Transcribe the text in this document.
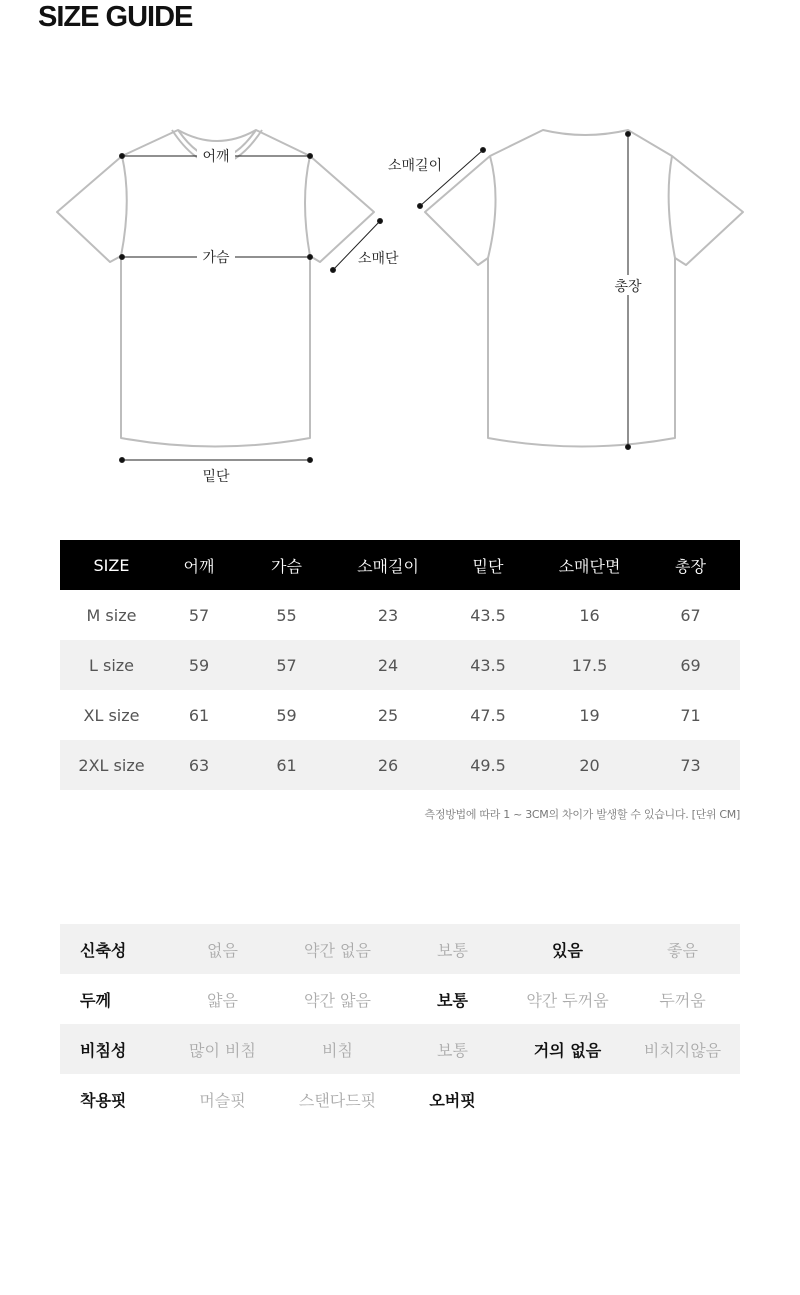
SIZE GUIDE
어깨
가슴	소매단
밑단
소매길이
총장
SIZE	어깨	가슴	소매길이	밑단	소매단면	총장
M size	57	55	23	43.5	16	67
L size	59	57	24	43.5	17.5	69
XL size	61	59	25	47.5	19	71
2XL size	63	61	26	49.5	20	73
측정방법에 따라 1 ~ 3CM의 차이가 발생할 수 있습니다. [단위 CM]
신축성	없음	약간 없음	보통	있음	좋음
두께	얇음	약간 얇음	보통	약간 두꺼움	두꺼움
비침성	많이 비침	비침	보통	거의 없음	비치지않음
착용핏	머슬핏	스탠다드핏	오버핏		
